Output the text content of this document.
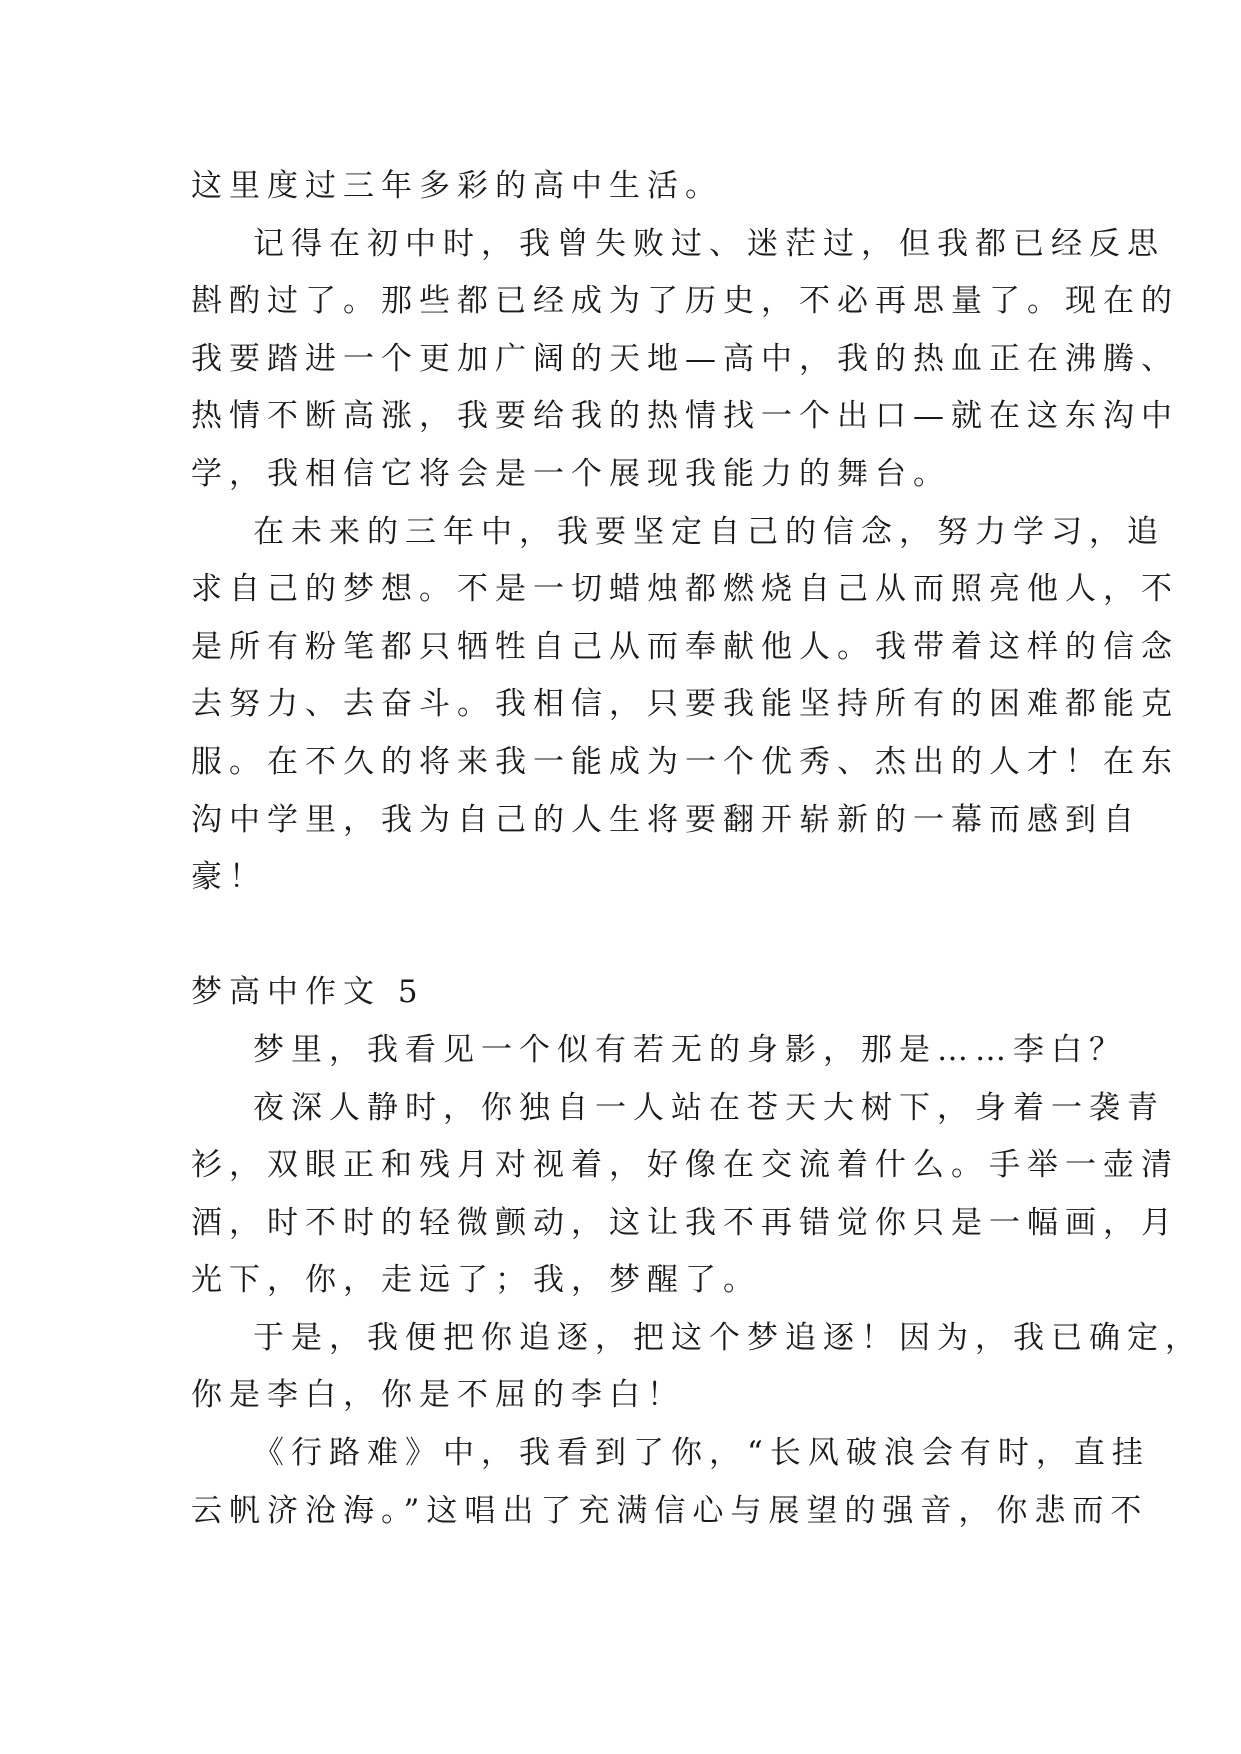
这里度过三年多彩的高中生活。
记得在初中时，我曾失败过、迷茫过，但我都已经反思
斟酌过了。那些都已经成为了历史，不必再思量了。现在的
我要踏进一个更加广阔的天地—高中，我的热血正在沸腾、
热情不断高涨，我要给我的热情找一个出口—就在这东沟中
学，我相信它将会是一个展现我能力的舞台。
在未来的三年中，我要坚定自己的信念，努力学习，追
求自己的梦想。不是一切蜡烛都燃烧自己从而照亮他人，不
是所有粉笔都只牺牲自己从而奉献他人。我带着这样的信念
去努力、去奋斗。我相信，只要我能坚持所有的困难都能克
服。在不久的将来我一能成为一个优秀、杰出的人才！在东
沟中学里，我为自己的人生将要翻开崭新的一幕而感到自
豪！
梦高中作文 5
梦里，我看见一个似有若无的身影，那是……李白？
夜深人静时，你独自一人站在苍天大树下，身着一袭青
衫，双眼正和残月对视着，好像在交流着什么。手举一壶清
酒，时不时的轻微颤动，这让我不再错觉你只是一幅画，月
光下，你，走远了；我，梦醒了。
于是，我便把你追逐，把这个梦追逐！因为，我已确定，
你是李白，你是不屈的李白！
《行路难》中，我看到了你，“长风破浪会有时，直挂
云帆济沧海。”这唱出了充满信心与展望的强音，你悲而不
